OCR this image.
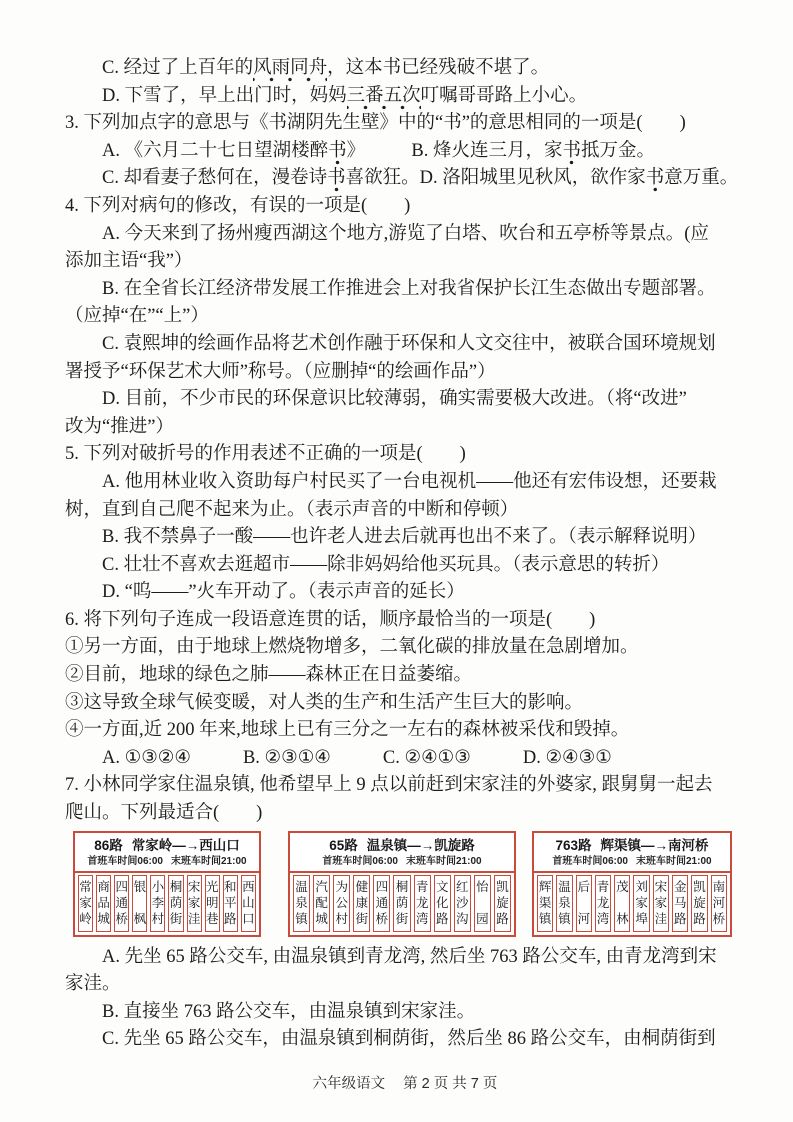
C. 经过了上百年的风雨同舟，这本书已经残破不堪了。
D. 下雪了，早上出门时，妈妈三番五次叮嘱哥哥路上小心。
3. 下列加点字的意思与《书湖阴先生壁》中的“书”的意思相同的一项是(　　)
A. 《六月二十七日望湖楼醉书》　　　B. 烽火连三月，家书抵万金。
C. 却看妻子愁何在，漫卷诗书喜欲狂。D. 洛阳城里见秋风，欲作家书意万重。
4. 下列对病句的修改，有误的一项是(　　)
A. 今天来到了扬州瘦西湖这个地方,游览了白塔、吹台和五亭桥等景点。(应
添加主语“我”）
B. 在全省长江经济带发展工作推进会上对我省保护长江生态做出专题部署。
（应掉“在”“上”）
C. 袁熙坤的绘画作品将艺术创作融于环保和人文交往中，被联合国环境规划
署授予“环保艺术大师”称号。（应删掉“的绘画作品”）
D. 目前，不少市民的环保意识比较薄弱，确实需要极大改进。（将“改进”
改为“推进”）
5. 下列对破折号的作用表述不正确的一项是(　　)
A. 他用林业收入资助每户村民买了一台电视机——他还有宏伟设想，还要栽
树，直到自己爬不起来为止。（表示声音的中断和停顿）
B. 我不禁鼻子一酸——也许老人进去后就再也出不来了。（表示解释说明）
C. 壮壮不喜欢去逛超市——除非妈妈给他买玩具。（表示意思的转折）
D. “呜——”火车开动了。（表示声音的延长）
6. 将下列句子连成一段语意连贯的话，顺序最恰当的一项是(　　)
①另一方面，由于地球上燃烧物增多，二氧化碳的排放量在急剧增加。
②目前，地球的绿色之肺——森林正在日益萎缩。
③这导致全球气候变暖，对人类的生产和生活产生巨大的影响。
④一方面,近 200 年来,地球上已有三分之一左右的森林被采伐和毁掉。
A. ①③②④	B. ②③①④	C. ②④①③	D. ②④③①
7. 小林同学家住温泉镇, 他希望早上 9 点以前赶到宋家洼的外婆家, 跟舅舅一起去
爬山。下列最适合(　　)
86路 常家岭—→西山口
首班车时间06:00 末班车时间21:00
常
家
岭
商
品
城
四
通
桥
银
枫
小
李
村
桐
荫
街
宋
家
洼
光
明
巷
和
平
路
西
山
口
65路 温泉镇—→凯旋路
首班车时间06:00 末班车时间21:00
温
泉
镇
汽
配
城
为
公
村
健
康
街
四
通
桥
桐
荫
街
青
龙
湾
文
化
路
红
沙
沟
怡
园
凯
旋
路
763路 辉渠镇—→南河桥
首班车时间06:00 末班车时间21:00
辉
渠
镇
温
泉
镇
后
河
青
龙
湾
茂
林
刘
家
埠
宋
家
洼
金
马
路
凯
旋
路
南
河
桥
A. 先坐 65 路公交车, 由温泉镇到青龙湾, 然后坐 763 路公交车, 由青龙湾到宋
家洼。
B. 直接坐 763 路公交车，由温泉镇到宋家洼。
C. 先坐 65 路公交车，由温泉镇到桐荫街，然后坐 86 路公交车，由桐荫街到
六年级语文 第 2 页 共 7 页
